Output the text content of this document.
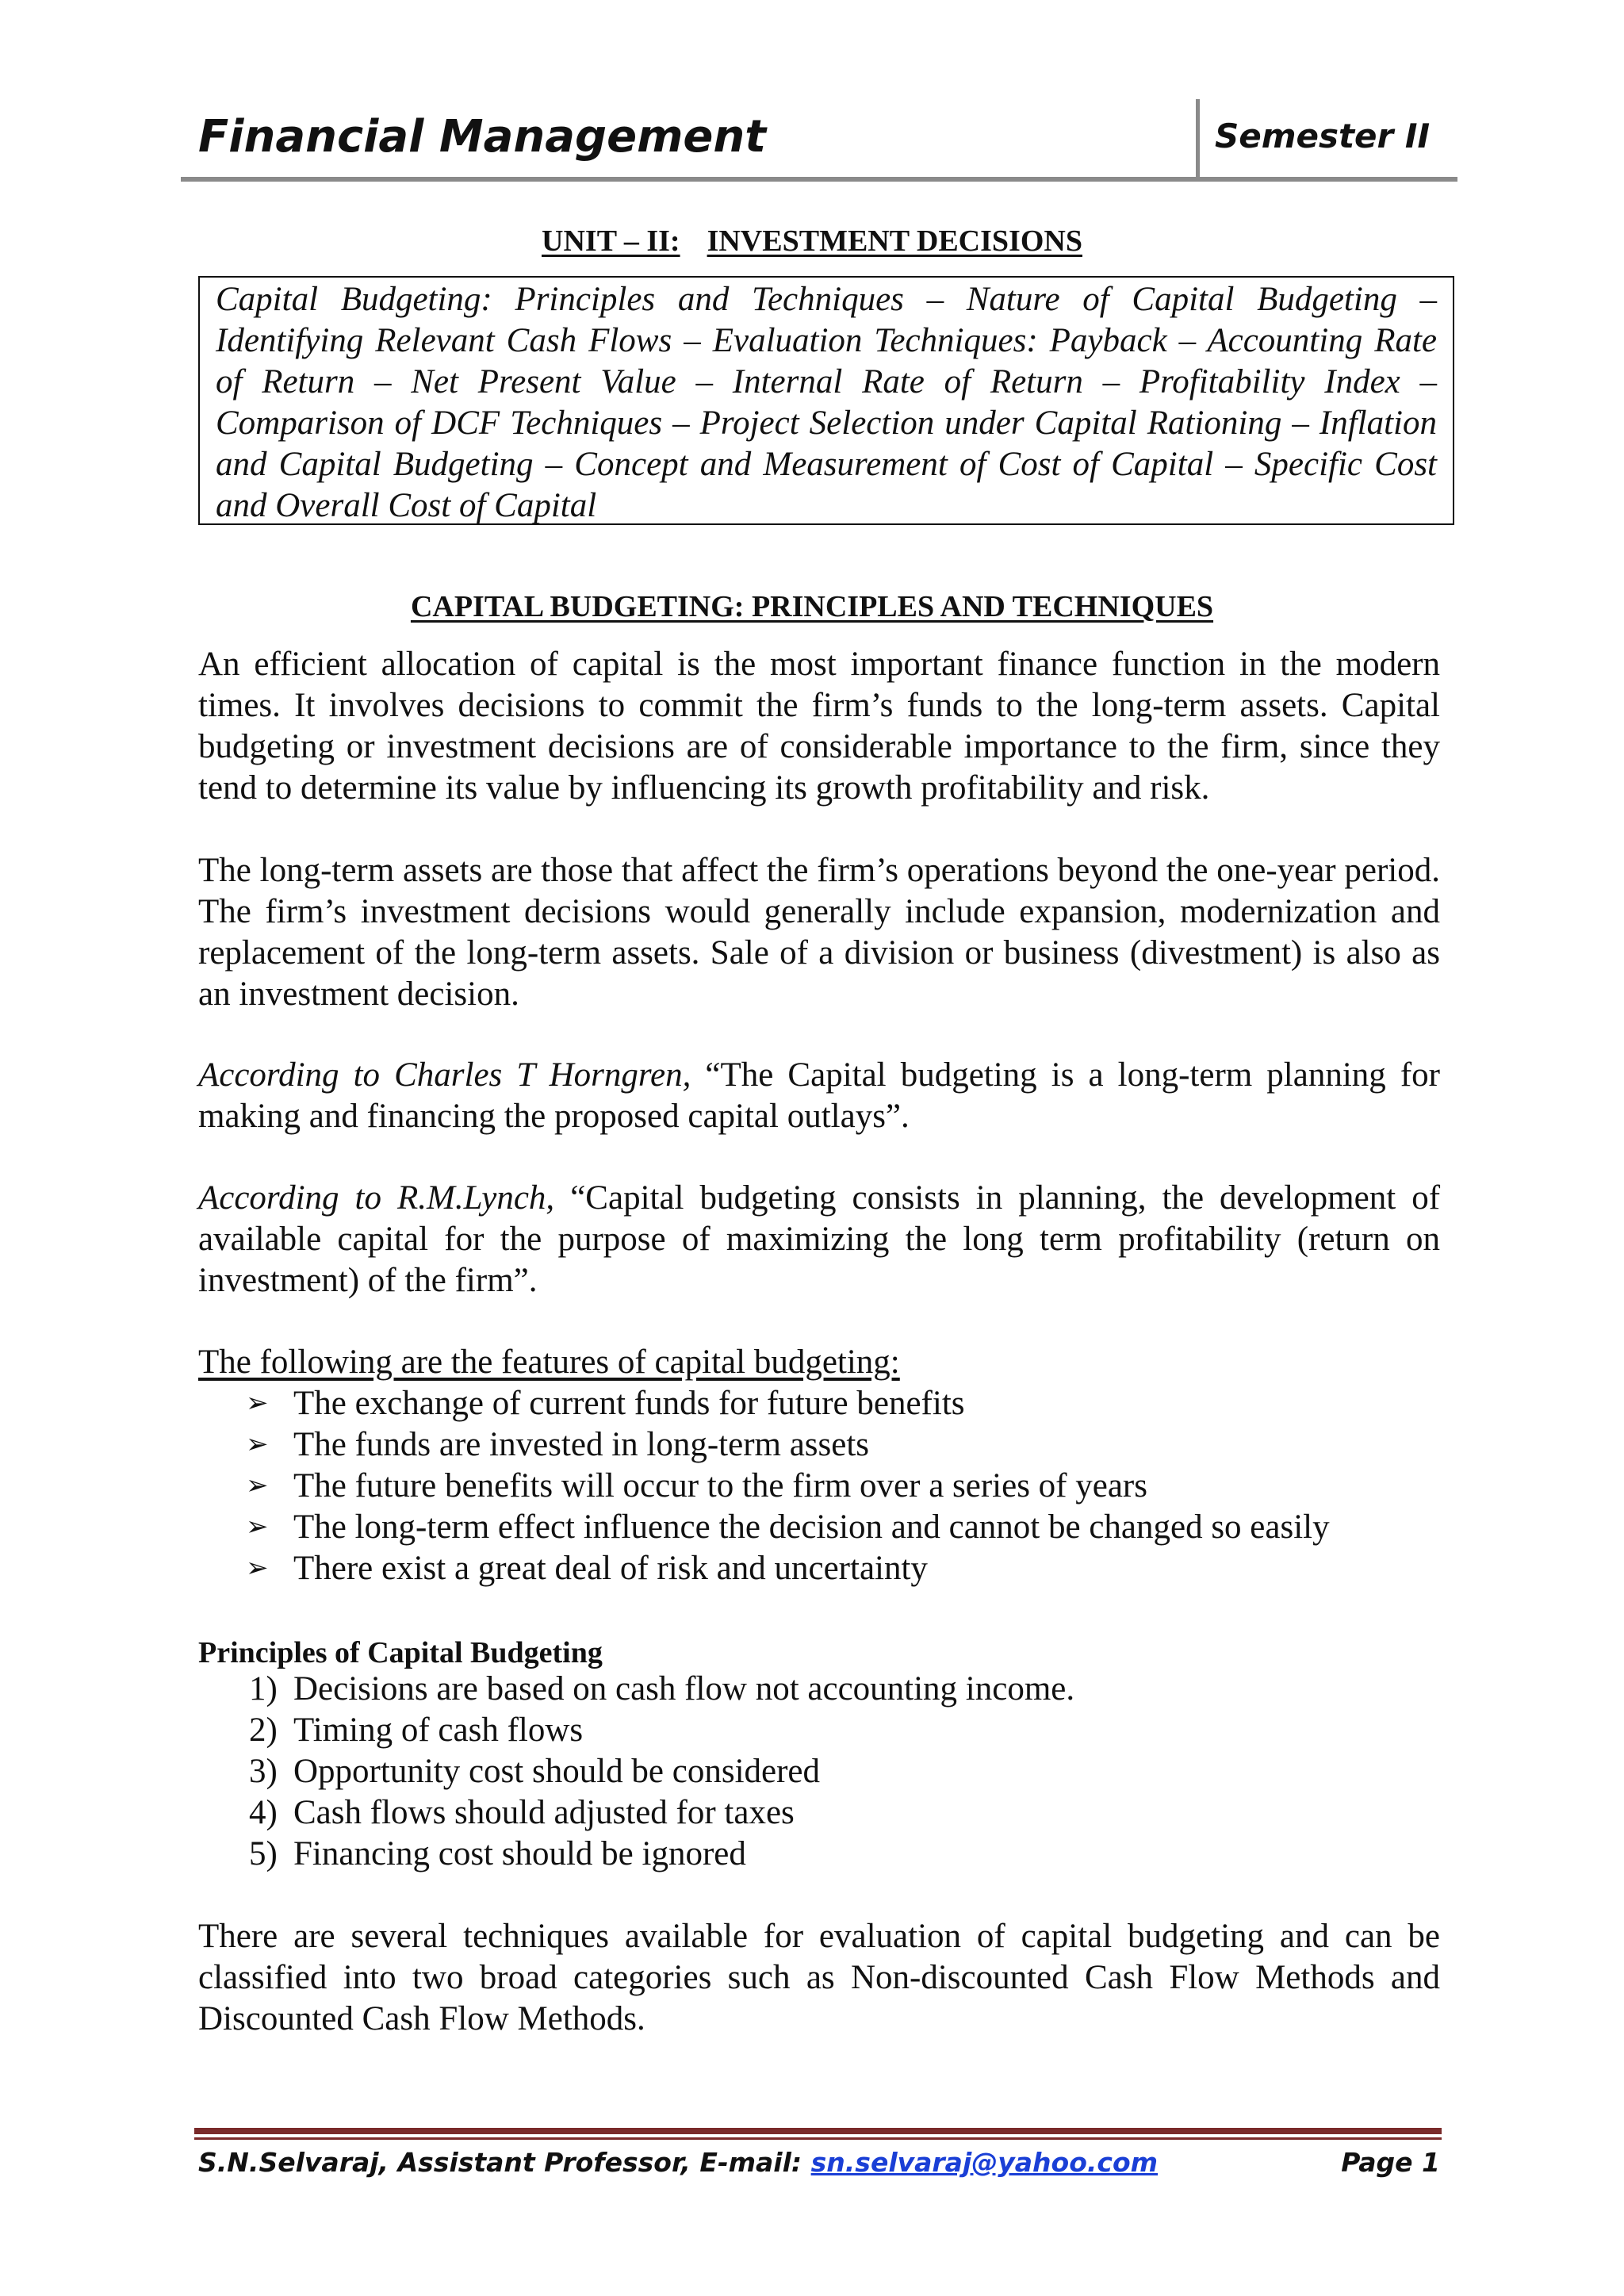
Financial Management	Semester II
UNIT – II: INVESTMENT DECISIONS
Capital Budgeting: Principles and Techniques – Nature of Capital Budgeting – Identifying Relevant Cash Flows – Evaluation Techniques: Payback – Accounting Rate of Return – Net Present Value – Internal Rate of Return – Profitability Index – Comparison of DCF Techniques – Project Selection under Capital Rationing – Inflation and Capital Budgeting – Concept and Measurement of Cost of Capital – Specific Cost and Overall Cost of Capital
CAPITAL BUDGETING: PRINCIPLES AND TECHNIQUES

An efficient allocation of capital is the most important finance function in the modern times. It involves decisions to commit the firm’s funds to the long-term assets. Capital budgeting or investment decisions are of considerable importance to the firm, since they tend to determine its value by influencing its growth profitability and risk.

The long-term assets are those that affect the firm’s operations beyond the one-year period. The firm’s investment decisions would generally include expansion, modernization and replacement of the long-term assets. Sale of a division or business (divestment) is also as an investment decision.

According to Charles T Horngren, “The Capital budgeting is a long-term planning for making and financing the proposed capital outlays”.

According to R.M.Lynch, “Capital budgeting consists in planning, the development of available capital for the purpose of maximizing the long term profitability (return on investment) of the firm”.

The following are the features of capital budgeting:

➢ The exchange of current funds for future benefits
➢ The funds are invested in long-term assets
➢ The future benefits will occur to the firm over a series of years
➢ The long-term effect influence the decision and cannot be changed so easily
➢ There exist a great deal of risk and uncertainty

Principles of Capital Budgeting

1) Decisions are based on cash flow not accounting income.
2) Timing of cash flows
3) Opportunity cost should be considered
4) Cash flows should adjusted for taxes
5) Financing cost should be ignored

There are several techniques available for evaluation of capital budgeting and can be classified into two broad categories such as Non-discounted Cash Flow Methods and Discounted Cash Flow Methods.

S.N.Selvaraj, Assistant Professor, E-mail: sn.selvaraj@yahoo.com	Page 1
